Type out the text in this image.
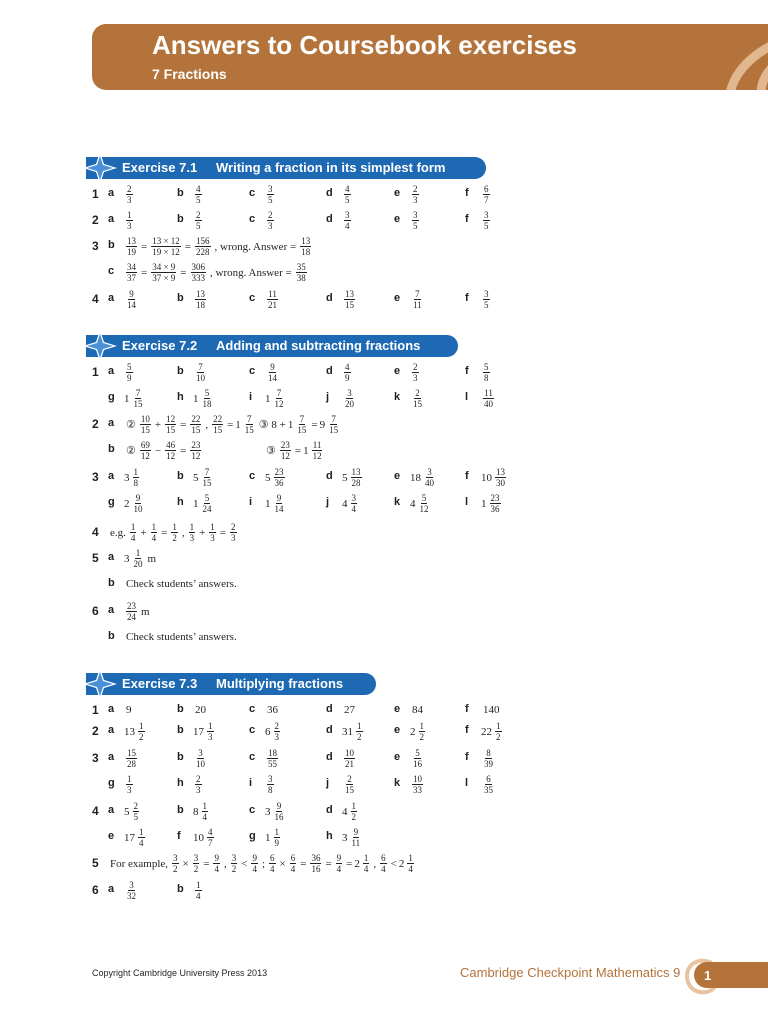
Answers to Coursebook exercises
7 Fractions
Exercise 7.1 Writing a fraction in its simplest form
Exercise 7.2 Adding and subtracting fractions
Exercise 7.3 Multiplying fractions
1 a	$\frac{2}{3}$	b	$\frac{4}{5}$	c	$\frac{3}{5}$	d	$\frac{4}{5}$	e	$\frac{2}{3}$	f	$\frac{6}{7}$
2 a	$\frac{1}{3}$	b	$\frac{2}{5}$	c	$\frac{2}{3}$	d	$\frac{3}{4}$	e	$\frac{3}{5}$	f	$\frac{3}{5}$
3 b	$\frac{13}{19} = \frac{13 \times 12}{19 \times 12} = \frac{156}{228}$ , wrong. Answer = $\frac{13}{18}$
c	$\frac{34}{37} = \frac{34 \times 9}{37 \times 9} = \frac{306}{333}$ , wrong. Answer = $\frac{35}{38}$
4 a	$\frac{9}{14}$	b	$\frac{13}{18}$	c	$\frac{11}{21}$	d	$\frac{13}{15}$	e	$\frac{7}{11}$	f	$\frac{3}{5}$
1 a	$\frac{5}{9}$	b	$\frac{7}{10}$	c	$\frac{9}{14}$	d	$\frac{4}{9}$	e	$\frac{2}{3}$	f	$\frac{5}{8}$
g $1 \frac{7}{15}$	h $1 \frac{5}{18}$	i	$1 \frac{7}{12}$	j	$\frac{3}{20}$	k	$\frac{2}{15}$	l	$\frac{11}{40}$
2 a	② $\frac{10}{15} + \frac{12}{15} = \frac{22}{15}$ , $\frac{22}{15} = 1 \frac{7}{15}$ ③ $8 + 1 \frac{7}{15} = 9 \frac{7}{15}$
b	② $\frac{69}{12} - \frac{46}{12} = \frac{23}{12}$	③ $\frac{23}{12} = 1 \frac{11}{12}$
3 a $3 \frac{1}{8}$	b $5 \frac{7}{15}$	c $5 \frac{23}{36}$	d $5 \frac{13}{28}$	e $18 \frac{3}{40}$	f	$10 \frac{13}{30}$
g $2 \frac{9}{10}$	h $1 \frac{5}{24}$	i	$1 \frac{9}{14}$	j	$4 \frac{3}{4}$	k $4 \frac{5}{12}$	l	$1 \frac{23}{36}$
4 e.g. $\frac{1}{4} + \frac{1}{4} = \frac{1}{2}$ , $\frac{1}{3} + \frac{1}{3} = \frac{2}{3}$
5 a $3 \frac{1}{20}$ m
b	Check students’ answers.
6 a	$\frac{23}{24}$ m
b	Check students’ answers.
1 a	9	b	20	c	36	d	27	e	84	f	140
2 a $13 \frac{1}{2}$	b $17 \frac{1}{3}$	c $6 \frac{2}{3}$	d $31 \frac{1}{2}$	e $2 \frac{1}{2}$	f	$22 \frac{1}{2}$
3 a	$\frac{15}{28}$	b	$\frac{3}{10}$	c	$\frac{18}{55}$	d	$\frac{10}{21}$	e	$\frac{5}{16}$	f	$\frac{8}{39}$
g	$\frac{1}{3}$	h	$\frac{2}{3}$	i	$\frac{3}{8}$	j	$\frac{2}{15}$	k	$\frac{10}{33}$	l	$\frac{6}{35}$
4 a $5 \frac{2}{5}$	b $8 \frac{1}{4}$	c $3 \frac{9}{16}$	d $4 \frac{1}{2}$
e $17 \frac{1}{4}$	f	$10 \frac{4}{7}$	g $1 \frac{1}{9}$	h $3 \frac{9}{11}$
5 For example, $\frac{3}{2} \times \frac{3}{2} = \frac{9}{4}$ , $\frac{3}{2} < \frac{9}{4}$ ; $\frac{6}{4} \times \frac{6}{4} = \frac{36}{16} = \frac{9}{4} = 2 \frac{1}{4}$ , $\frac{6}{4} < 2 \frac{1}{4}$
6 a	$\frac{3}{32}$	b	$\frac{1}{4}$
Copyright Cambridge University Press 2013	Cambridge Checkpoint Mathematics 9 1
